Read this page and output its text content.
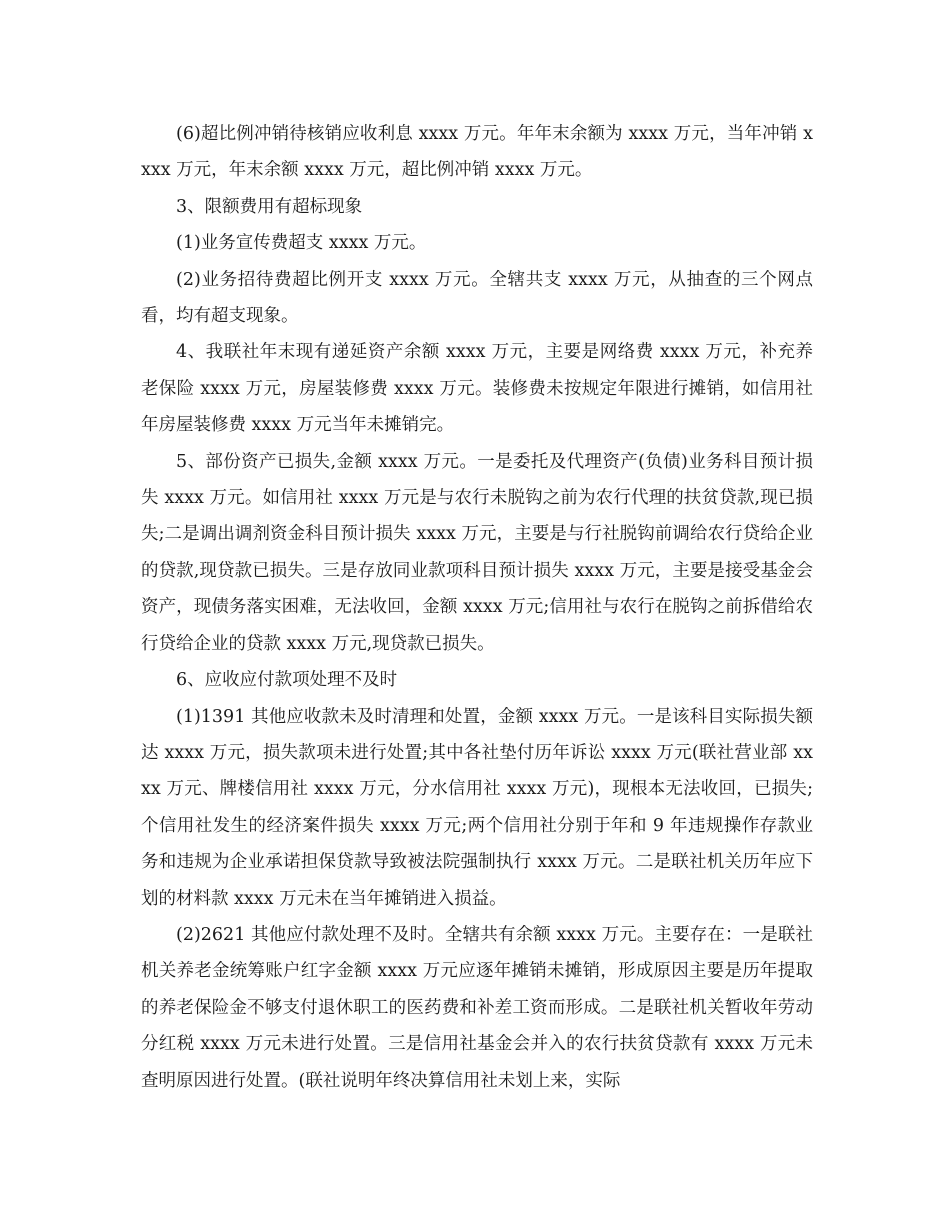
(6)超比例冲销待核销应收利息 xxxx 万元。年年末余额为 xxxx 万元，当年冲销 xxxx 万元，年末余额 xxxx 万元，超比例冲销 xxxx 万元。

3、限额费用有超标现象

(1)业务宣传费超支 xxxx 万元。

(2)业务招待费超比例开支 xxxx 万元。全辖共支 xxxx 万元，从抽查的三个网点看，均有超支现象。

4、我联社年末现有递延资产余额 xxxx 万元，主要是网络费 xxxx 万元，补充养老保险 xxxx 万元，房屋装修费 xxxx 万元。装修费未按规定年限进行摊销，如信用社年房屋装修费 xxxx 万元当年未摊销完。

5、部份资产已损失,金额 xxxx 万元。一是委托及代理资产(负债)业务科目预计损失 xxxx 万元。如信用社 xxxx 万元是与农行未脱钩之前为农行代理的扶贫贷款,现已损失;二是调出调剂资金科目预计损失 xxxx 万元，主要是与行社脱钩前调给农行贷给企业的贷款,现贷款已损失。三是存放同业款项科目预计损失 xxxx 万元，主要是接受基金会资产，现债务落实困难，无法收回，金额 xxxx 万元;信用社与农行在脱钩之前拆借给农行贷给企业的贷款 xxxx 万元,现贷款已损失。

6、应收应付款项处理不及时

(1)1391 其他应收款未及时清理和处置，金额 xxxx 万元。一是该科目实际损失额达 xxxx 万元，损失款项未进行处置;其中各社垫付历年诉讼 xxxx 万元(联社营业部 xxxx 万元、牌楼信用社 xxxx 万元，分水信用社 xxxx 万元)，现根本无法收回，已损失;个信用社发生的经济案件损失 xxxx 万元;两个信用社分别于年和 9 年违规操作存款业务和违规为企业承诺担保贷款导致被法院强制执行 xxxx 万元。二是联社机关历年应下划的材料款 xxxx 万元未在当年摊销进入损益。

(2)2621 其他应付款处理不及时。全辖共有余额 xxxx 万元。主要存在：一是联社机关养老金统筹账户红字金额 xxxx 万元应逐年摊销未摊销，形成原因主要是历年提取的养老保险金不够支付退休职工的医药费和补差工资而形成。二是联社机关暂收年劳动分红税 xxxx 万元未进行处置。三是信用社基金会并入的农行扶贫贷款有 xxxx 万元未查明原因进行处置。(联社说明年终决算信用社未划上来，实际
